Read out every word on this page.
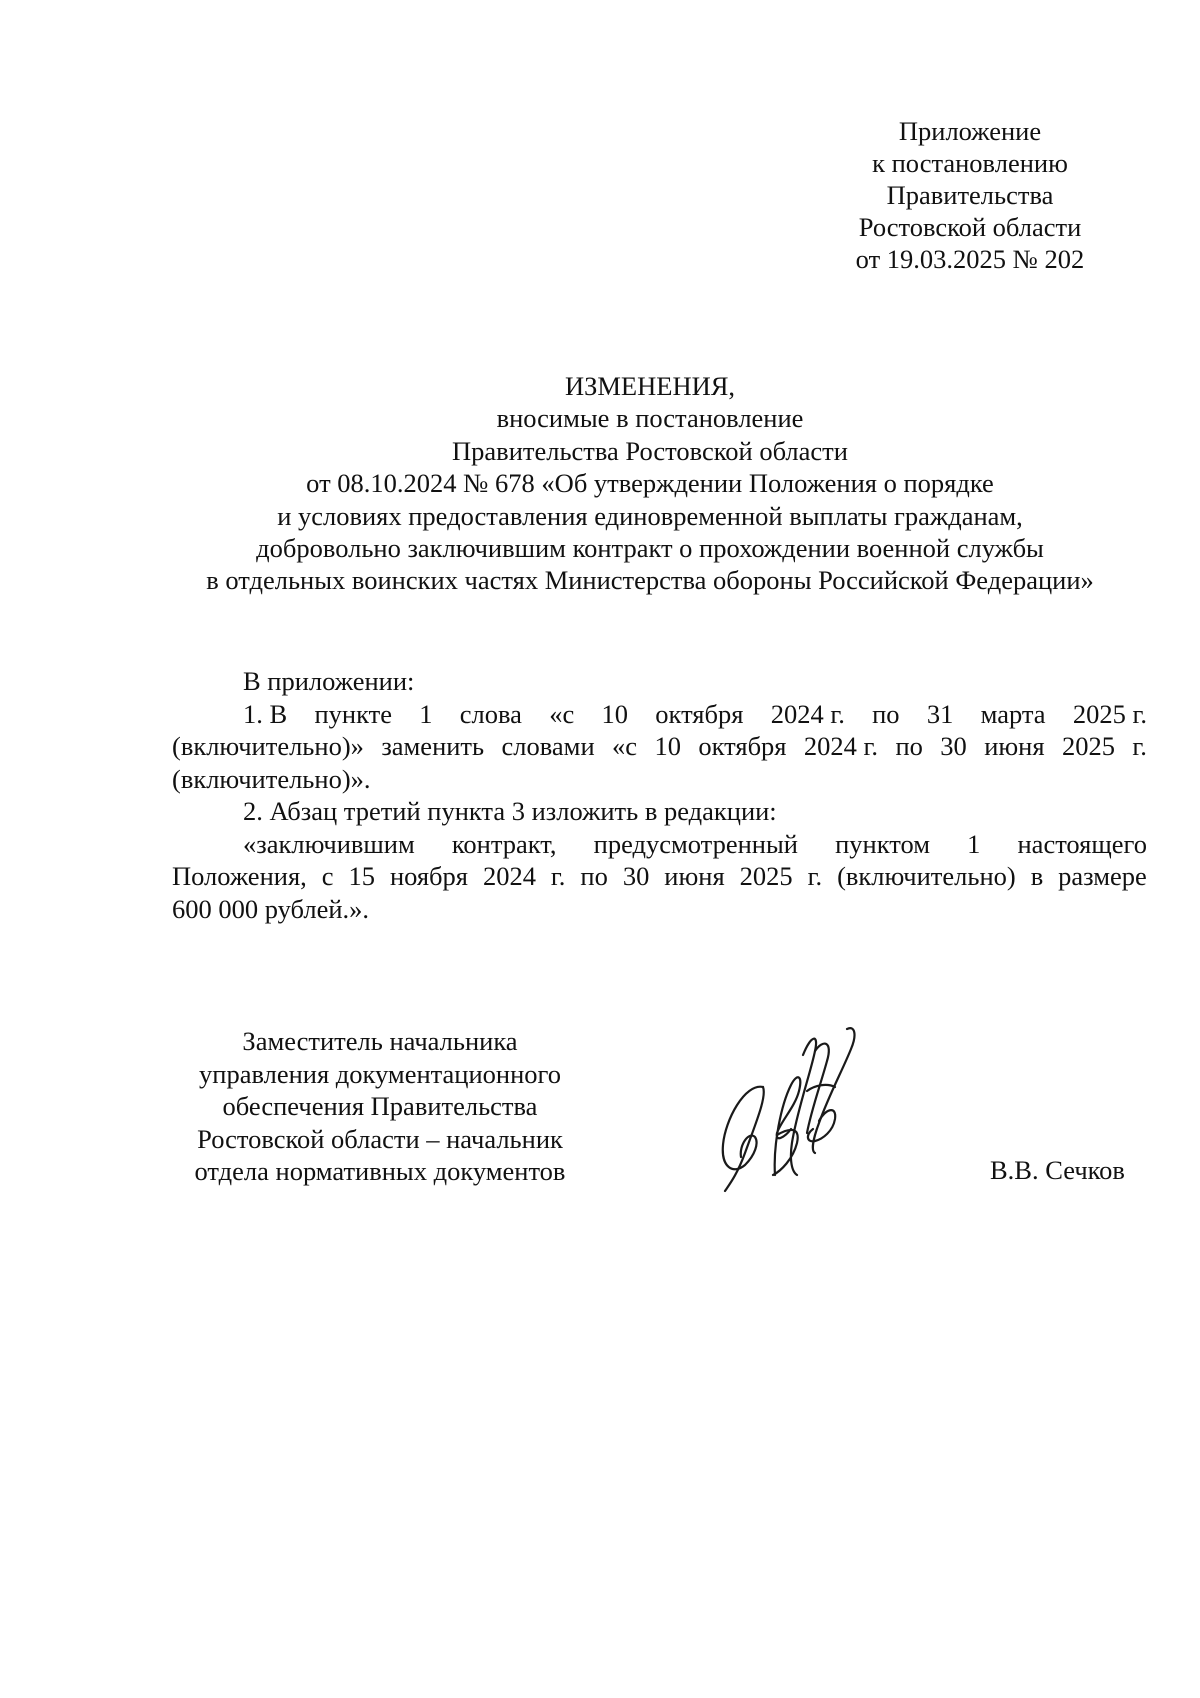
Приложение
к постановлению
Правительства
Ростовской области
от 19.03.2025 № 202
ИЗМЕНЕНИЯ,
вносимые в постановление
Правительства Ростовской области
от 08.10.2024 № 678 «Об утверждении Положения о порядке
и условиях предоставления единовременной выплаты гражданам,
добровольно заключившим контракт о прохождении военной службы
в отдельных воинских частях Министерства обороны Российской Федерации»
В приложении:
1. В пункте 1 слова «с 10 октября 2024 г. по 31 марта 2025 г.
(включительно)» заменить словами «с 10 октября 2024 г. по 30 июня 2025 г.
(включительно)».
2. Абзац третий пункта 3 изложить в редакции:
«заключившим контракт, предусмотренный пунктом 1 настоящего
Положения, с 15 ноября 2024 г. по 30 июня 2025 г. (включительно) в размере
600 000 рублей.».
Заместитель начальника
управления документационного
обеспечения Правительства
Ростовской области – начальник
отдела нормативных документов	В.В. Сечков
